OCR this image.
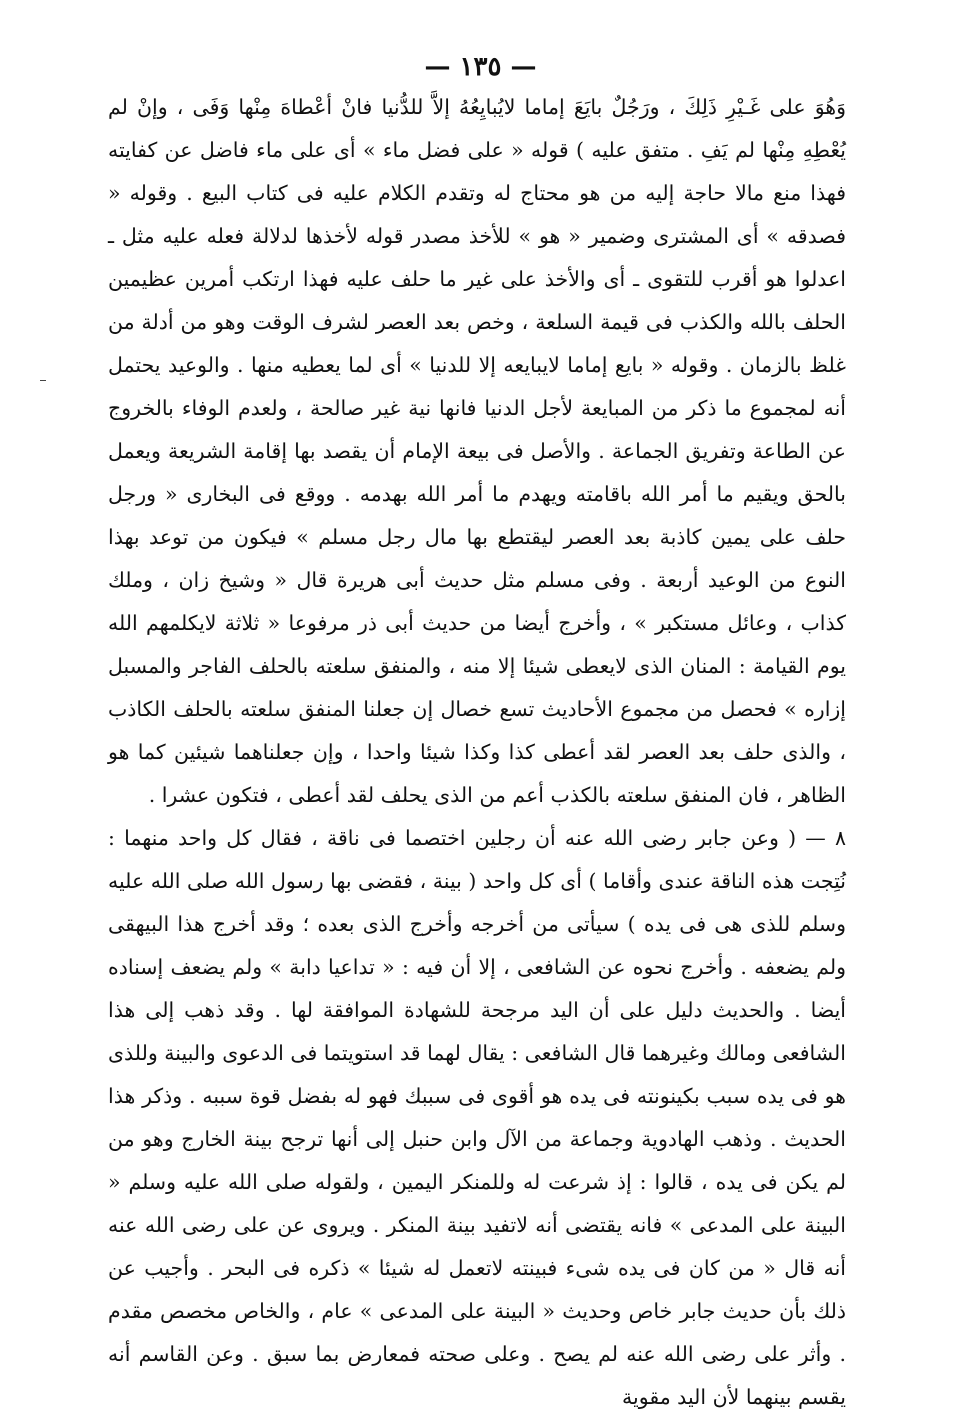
— ١٣٥ —

وَهُوَ على غَـيْرِ ذَلِكَ ، ورَجُلٌ بايَعَ إماما لايُبايِعُهُ إلاَّ للدُّنيا فانْ أعْطاهَ مِنْها وَفَى ، وإنْ لم يُعْطِهِ مِنْها لم يَفِ . متفق عليه ) قوله « على فضل ماء » أى على ماء فاضل عن كفايته فهذا منع مالا حاجة إليه من هو محتاج له وتقدم الكلام عليه فى كتاب البيع . وقوله « فصدقه » أى المشترى وضمير « هو » للأخذ مصدر قوله لأخذها لدلالة فعله عليه مثل ـ اعدلوا هو أقرب للتقوى ـ أى والأخذ على غير ما حلف عليه فهذا ارتكب أمرين عظيمين الحلف بالله والكذب فى قيمة السلعة ، وخص بعد العصر لشرف الوقت وهو من أدلة من غلظ بالزمان . وقوله « بايع إماما لايبايعه إلا للدنيا » أى لما يعطيه منها . والوعيد يحتمل أنه لمجموع ما ذكر من المبايعة لأجل الدنيا فانها نية غير صالحة ، ولعدم الوفاء بالخروج عن الطاعة وتفريق الجماعة . والأصل فى بيعة الإمام أن يقصد بها إقامة الشريعة ويعمل بالحق ويقيم ما أمر الله باقامته ويهدم ما أمر الله بهدمه . ووقع فى البخارى « ورجل حلف على يمين كاذبة بعد العصر ليقتطع بها مال رجل مسلم » فيكون من توعد بهذا النوع من الوعيد أربعة . وفى مسلم مثل حديث أبى هريرة قال « وشيخ زان ، وملك كذاب ، وعائل مستكبر » ، وأخرج أيضا من حديث أبى ذر مرفوعا « ثلاثة لايكلمهم الله يوم القيامة : المنان الذى لايعطى شيئا إلا منه ، والمنفق سلعته بالحلف الفاجر والمسبل إزاره » فحصل من مجموع الأحاديث تسع خصال إن جعلنا المنفق سلعته بالحلف الكاذب ، والذى حلف بعد العصر لقد أعطى كذا وكذا شيئا واحدا ، وإن جعلناهما شيئين كما هو الظاهر ، فان المنفق سلعته بالكذب أعم من الذى يحلف لقد أعطى ، فتكون عشرا .

٨ — ( وعن جابر رضى الله عنه أن رجلين اختصما فى ناقة ، فقال كل واحد منهما : نُتِجت هذه الناقة عندى وأقاما ) أى كل واحد ( بينة ، فقضى بها رسول الله صلى الله عليه وسلم للذى هى فى يده ) سيأتى من أخرجه وأخرج الذى بعده ؛ وقد أخرج هذا البيهقى ولم يضعفه . وأخرج نحوه عن الشافعى ، إلا أن فيه : « تداعيا دابة » ولم يضعف إسناده أيضا . والحديث دليل على أن اليد مرجحة للشهادة الموافقة لها . وقد ذهب إلى هذا الشافعى ومالك وغيرهما قال الشافعى : يقال لهما قد استويتما فى الدعوى والبينة وللذى هو فى يده سبب بكينونته فى يده هو أقوى فى سببك فهو له بفضل قوة سببه . وذكر هذا الحديث . وذهب الهادوية وجماعة من الآل وابن حنبل إلى أنها ترجح بينة الخارج وهو من لم يكن فى يده ، قالوا : إذ شرعت له وللمنكر اليمين ، ولقوله صلى الله عليه وسلم « البينة على المدعى » فانه يقتضى أنه لاتفيد بينة المنكر . ويروى عن على رضى الله عنه أنه قال « من كان فى يده شىء فبينته لاتعمل له شيئا » ذكره فى البحر . وأجيب عن ذلك بأن حديث جابر خاص وحديث « البينة على المدعى » عام ، والخاص مخصص مقدم . وأثر على رضى الله عنه لم يصح . وعلى صحته فمعارض بما سبق . وعن القاسم أنه يقسم بينهما لأن اليد مقوية
